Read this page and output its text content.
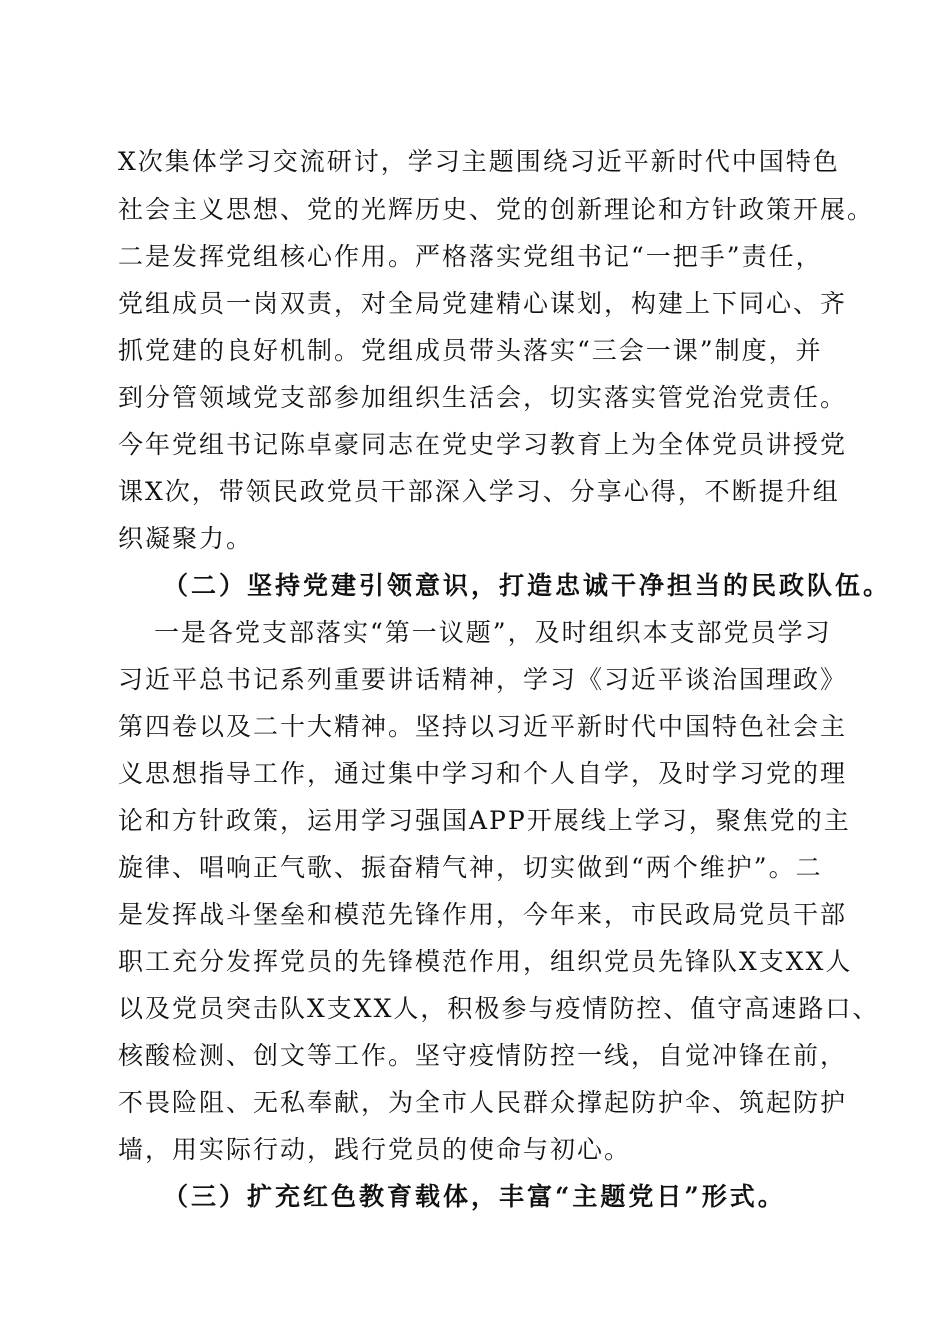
X次集体学习交流研讨，学习主题围绕习近平新时代中国特色
社会主义思想、党的光辉历史、党的创新理论和方针政策开展。
二是发挥党组核心作用。严格落实党组书记“一把手”责任，
党组成员一岗双责，对全局党建精心谋划，构建上下同心、齐
抓党建的良好机制。党组成员带头落实“三会一课”制度，并
到分管领域党支部参加组织生活会，切实落实管党治党责任。
今年党组书记陈卓豪同志在党史学习教育上为全体党员讲授党
课X次，带领民政党员干部深入学习、分享心得，不断提升组
织凝聚力。
（二）坚持党建引领意识，打造忠诚干净担当的民政队伍。
一是各党支部落实“第一议题”，及时组织本支部党员学习
习近平总书记系列重要讲话精神，学习《习近平谈治国理政》
第四卷以及二十大精神。坚持以习近平新时代中国特色社会主
义思想指导工作，通过集中学习和个人自学，及时学习党的理
论和方针政策，运用学习强国APP开展线上学习，聚焦党的主
旋律、唱响正气歌、振奋精气神，切实做到“两个维护”。二
是发挥战斗堡垒和模范先锋作用，今年来，市民政局党员干部
职工充分发挥党员的先锋模范作用，组织党员先锋队X支XX人
以及党员突击队X支XX人，积极参与疫情防控、值守高速路口、
核酸检测、创文等工作。坚守疫情防控一线，自觉冲锋在前，
不畏险阻、无私奉献，为全市人民群众撑起防护伞、筑起防护
墙，用实际行动，践行党员的使命与初心。
（三）扩充红色教育载体，丰富“主题党日”形式。
